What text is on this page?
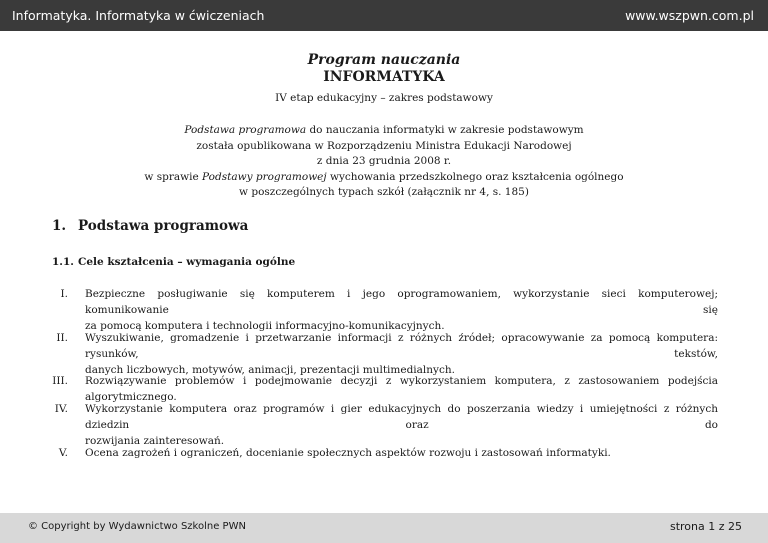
Informatyka. Informatyka w ćwiczeniach	www.wszpwn.com.pl
Program nauczania
INFORMATYKA
IV etap edukacyjny – zakres podstawowy
Podstawa programowa do nauczania informatyki w zakresie podstawowym
została opublikowana w Rozporządzeniu Ministra Edukacji Narodowej
z dnia 23 grudnia 2008 r.
w sprawie Podstawy programowej wychowania przedszkolnego oraz kształcenia ogólnego
w poszczególnych typach szkół (załącznik nr 4, s. 185)
1. Podstawa programowa
1.1. Cele kształcenia – wymagania ogólne
I. Bezpieczne posługiwanie się komputerem i jego oprogramowaniem, wykorzystanie sieci komputerowej; komunikowanie się
za pomocą komputera i technologii informacyjno-komunikacyjnych.
II. Wyszukiwanie, gromadzenie i przetwarzanie informacji z różnych źródeł; opracowywanie za pomocą komputera: rysunków, tekstów,
danych liczbowych, motywów, animacji, prezentacji multimedialnych.
III. Rozwiązywanie problemów i podejmowanie decyzji z wykorzystaniem komputera, z zastosowaniem podejścia algorytmicznego.
IV. Wykorzystanie komputera oraz programów i gier edukacyjnych do poszerzania wiedzy i umiejętności z różnych dziedzin oraz do
rozwijania zainteresowań.
V. Ocena zagrożeń i ograniczeń, docenianie społecznych aspektów rozwoju i zastosowań informatyki.
© Copyright by Wydawnictwo Szkolne PWN	strona 1 z 25
